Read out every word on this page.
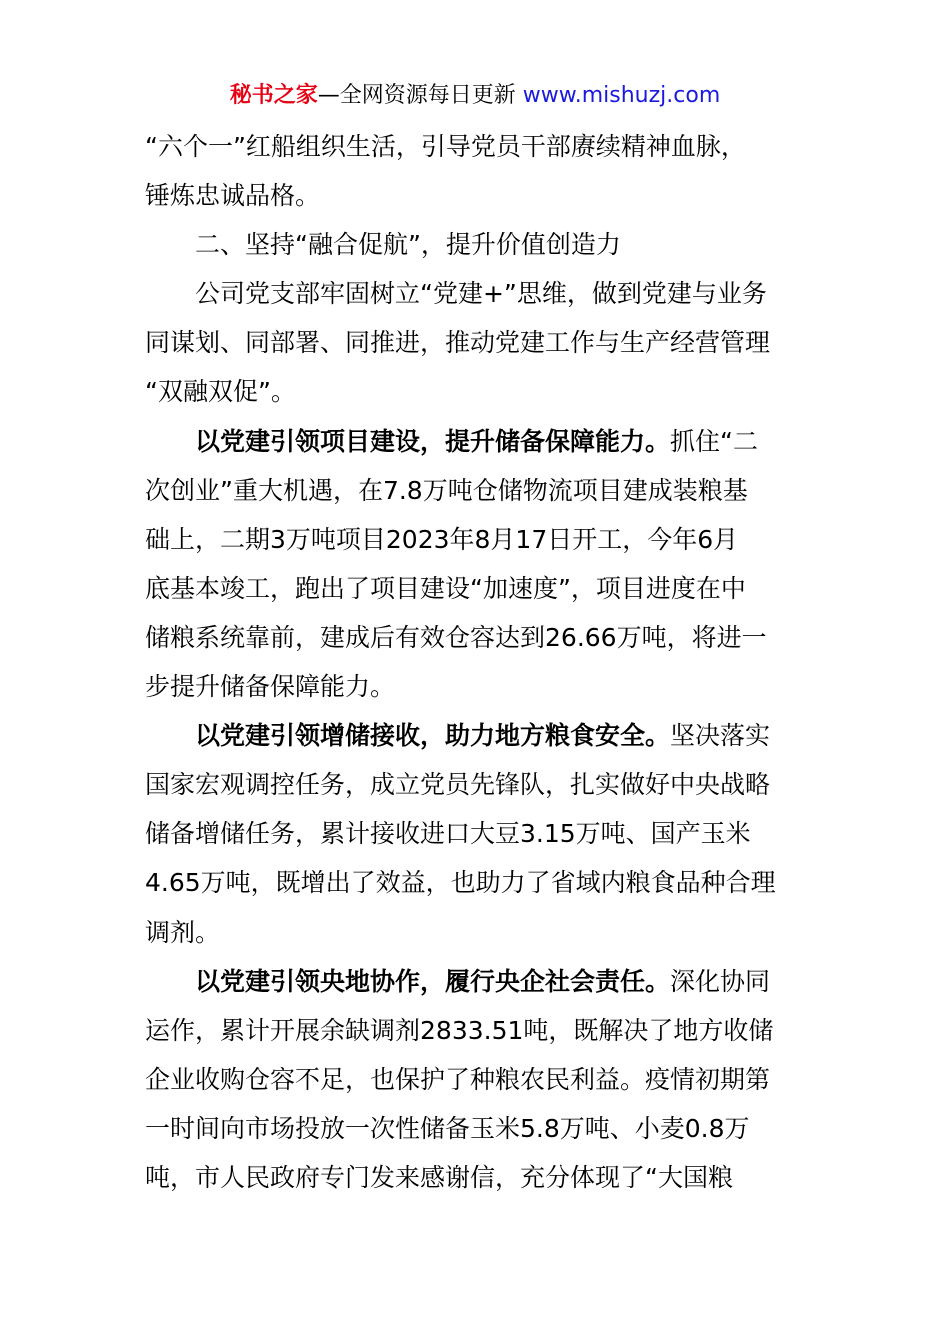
秘书之家—全网资源每日更新 www.mishuzj.com
“六个一”红船组织生活，引导党员干部赓续精神血脉，
锤炼忠诚品格。
二、坚持“融合促航”，提升价值创造力
公司党支部牢固树立“党建+”思维，做到党建与业务
同谋划、同部署、同推进，推动党建工作与生产经营管理
“双融双促”。
以党建引领项目建设，提升储备保障能力。 抓住“二
次创业”重大机遇，在7.8万吨仓储物流项目建成装粮基
础上，二期3万吨项目2023年8月17日开工，今年6月
底基本竣工，跑出了项目建设“加速度”，项目进度在中
储粮系统靠前，建成后有效仓容达到26.66万吨，将进一
步提升储备保障能力。
以党建引领增储接收，助力地方粮食安全。 坚决落实
国家宏观调控任务，成立党员先锋队，扎实做好中央战略
储备增储任务，累计接收进口大豆3.15万吨、国产玉米
4.65万吨，既增出了效益，也助力了省域内粮食品种合理
调剂。
以党建引领央地协作，履行央企社会责任。 深化协同
运作，累计开展余缺调剂2833.51吨，既解决了地方收储
企业收购仓容不足，也保护了种粮农民利益。疫情初期第
一时间向市场投放一次性储备玉米5.8万吨、小麦0.8万
吨，市人民政府专门发来感谢信，充分体现了“大国粮
